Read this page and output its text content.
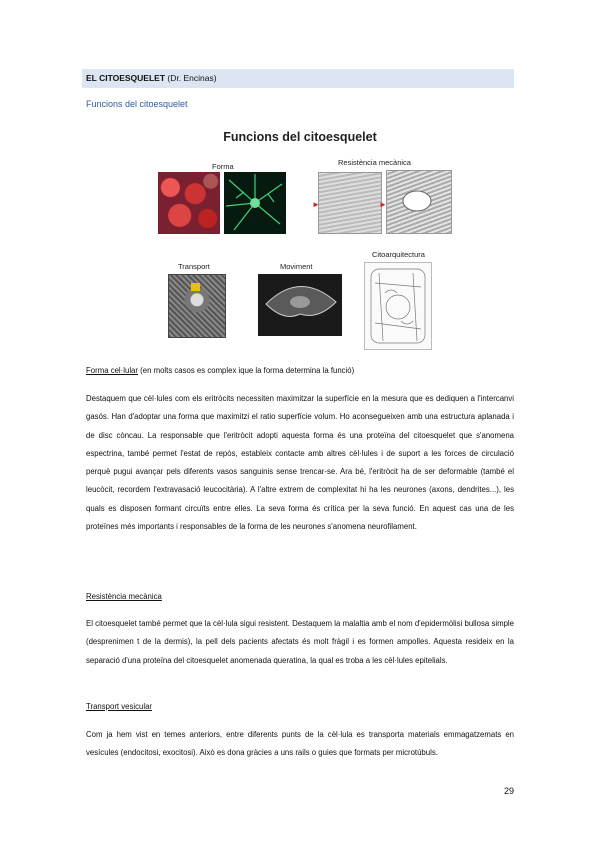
EL CITOESQUELET (Dr. Encinas)
Funcions del citoesquelet
Funcions del citoesquelet
Forma	Resistència mecànica
►	►
Transport	Moviment
Citoarquitectura

Forma cel·lular (en molts casos es complex ique la forma determina la funció)

Destaquem que cèl·lules com els eritròcits necessiten maximitzar la superfície en la mesura que es dediquen a l'intercanvi gasós. Han d'adoptar una forma que maximitzi el ratio superfície volum. Ho aconsegueixen amb una estructura aplanada i de disc còncau. La responsable que l'eritròcit adopti aquesta forma és una proteïna del citoesquelet que s'anomena espectrina, també permet l'estat de repòs, estableix contacte amb altres cèl·lules i de suport a les forces de circulació perquè pugui avançar pels diferents vasos sanguinis sense trencar-se. Ara bé, l'eritròcit ha de ser deformable (també el leucòcit, recordem l'extravasació leucocitària). A l'altre extrem de complexitat hi ha les neurones (axons, dendrites...), les quals es disposen formant circuïts entre elles. La seva forma és crítica per la seva funció. En aquest cas una de les proteïnes més importants i responsables de la forma de les neurones s'anomena neurofilament.
Resistència mecànica
El citoesquelet també permet que la cèl·lula sigui resistent. Destaquem la malaltia amb el nom d'epidermòlisi bullosa simple (desprenimen t de la dermis), la pell dels pacients afectats és molt fràgil i es formen ampolles. Aquesta resideix en la separació d'una proteïna del citoesquelet anomenada queratina, la qual es troba a les cèl·lules epitelials.
Transport vesicular
Com ja hem vist en temes anteriors, entre diferents punts de la cèl·lula es transporta materials emmagatzemats en vesícules (endocitosi, exocitosi). Això es dona gràcies a uns rails o guies que formats per microtúbuls.
29
